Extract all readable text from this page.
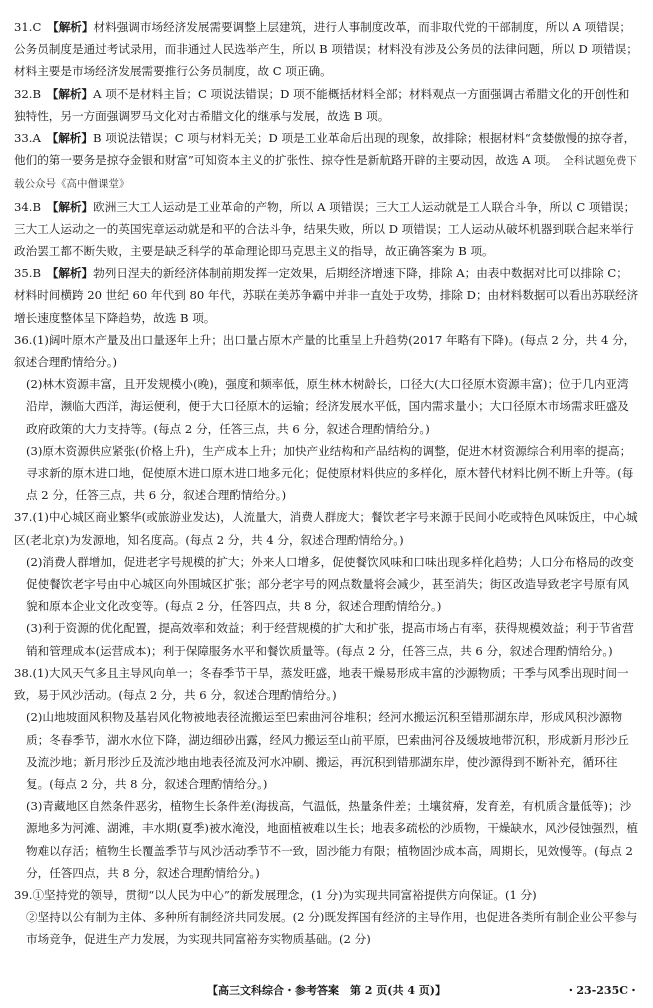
31.C　 【解析】材料强调市场经济发展需要调整上层建筑，进行人事制度改革，而非取代党的干部制度，所以 A 项错误；公务员制度是通过考试录用，而非通过人民选举产生，所以 B 项错误；材料没有涉及公务员的法律问题，所以 D 项错误；材料主要是市场经济发展需要推行公务员制度，故 C 项正确。

32.B　 【解析】A 项不是材料主旨；C 项说法错误；D 项不能概括材料全部；材料观点一方面强调古希腊文化的开创性和独特性，另一方面强调罗马文化对古希腊文化的继承与发展，故选 B 项。

33.A　 【解析】B 项说法错误；C 项与材料无关；D 项是工业革命后出现的现象，故排除；根据材料“贪婪傲慢的掠夺者，他们的第一要务是掠夺金银和财富”可知资本主义的扩张性、掠夺性是新航路开辟的主要动因，故选 A 项。 全科试题免费下载公众号《高中僧课堂》

34.B　 【解析】欧洲三大工人运动是工业革命的产物，所以 A 项错误；三大工人运动就是工人联合斗争，所以 C 项错误；三大工人运动之一的英国宪章运动就是和平的合法斗争，结果失败，所以 D 项错误；工人运动从破坏机器到联合起来举行政治罢工都不断失败，主要是缺乏科学的革命理论即马克思主义的指导，故正确答案为 B 项。

35.B　 【解析】勃列日涅夫的新经济体制前期发挥一定效果，后期经济增速下降，排除 A；由表中数据对比可以排除 C；材料时间横跨 20 世纪 60 年代到 80 年代，苏联在美苏争霸中并非一直处于攻势，排除 D；由材料数据可以看出苏联经济增长速度整体呈下降趋势，故选 B 项。

36.(1)阔叶原木产量及出口量逐年上升；出口量占原木产量的比重呈上升趋势(2017 年略有下降)。(每点 2 分，共 4 分，叙述合理酌情给分。)

(2)林木资源丰富，且开发规模小(晚)，强度和频率低，原生林木树龄长，口径大(大口径原木资源丰富)；位于几内亚湾沿岸，濒临大西洋，海运便利，便于大口径原木的运输；经济发展水平低，国内需求量小；大口径原木市场需求旺盛及政府政策的大力支持等。(每点 2 分，任答三点，共 6 分，叙述合理酌情给分。)

(3)原木资源供应紧张(价格上升)，生产成本上升；加快产业结构和产品结构的调整，促进木材资源综合利用率的提高；寻求新的原木进口地，促使原木进口原木进口地多元化；促使原材料供应的多样化，原木替代材料比例不断上升等。(每点 2 分，任答三点，共 6 分，叙述合理酌情给分。)

37.(1)中心城区商业繁华(或旅游业发达)，人流量大，消费人群庞大；餐饮老字号来源于民间小吃或特色风味饭庄，中心城区(老北京)为发源地，知名度高。(每点 2 分，共 4 分，叙述合理酌情给分。)

(2)消费人群增加，促进老字号规模的扩大；外来人口增多，促使餐饮风味和口味出现多样化趋势；人口分布格局的改变促使餐饮老字号由中心城区向外围城区扩张；部分老字号的网点数量将会减少，甚至消失；街区改造导致老字号原有风貌和原本企业文化改变等。(每点 2 分，任答四点，共 8 分，叙述合理酌情给分。)

(3)利于资源的优化配置，提高效率和效益；利于经营规模的扩大和扩张，提高市场占有率，获得规模效益；利于节省营销和管理成本(运营成本)；利于保障服务水平和餐饮质量等。(每点 2 分，任答三点，共 6 分，叙述合理酌情给分。)

38.(1)大风天气多且主导风向单一；冬春季节干旱，蒸发旺盛，地表干燥易形成丰富的沙源物质；干季与风季出现时间一致，易于风沙活动。(每点 2 分，共 6 分，叙述合理酌情给分。)

(2)山地坡面风积物及基岩风化物被地表径流搬运至巴索曲河谷堆积；经河水搬运沉积至错那湖东岸，形成风积沙源物质；冬春季节，湖水水位下降，湖边细砂出露，经风力搬运至山前平原，巴索曲河谷及缓坡地带沉积，形成新月形沙丘及流沙地；新月形沙丘及流沙地由地表径流及河水冲刷、搬运，再沉积到错那湖东岸，使沙源得到不断补充，循环往复。(每点 2 分，共 8 分，叙述合理酌情给分。)

(3)青藏地区自然条件恶劣，植物生长条件差(海拔高，气温低，热量条件差；土壤贫瘠，发育差，有机质含量低等)；沙源地多为河滩、湖滩，丰水期(夏季)被水淹没，地面植被难以生长；地表多疏松的沙质物，干燥缺水，风沙侵蚀强烈，植物难以存活；植物生长覆盖季节与风沙活动季节不一致，固沙能力有限；植物固沙成本高，周期长，见效慢等。(每点 2 分，任答四点，共 8 分，叙述合理酌情给分。)

39.①坚持党的领导，贯彻“以人民为中心”的新发展理念，(1 分)为实现共同富裕提供方向保证。(1 分)

②坚持以公有制为主体、多种所有制经济共同发展。(2 分)既发挥国有经济的主导作用，也促进各类所有制企业公平参与市场竞争，促进生产力发展，为实现共同富裕夯实物质基础。(2 分)

【高三文科综合・参考答案　第 2 页(共 4 页)】	・23-235C・
